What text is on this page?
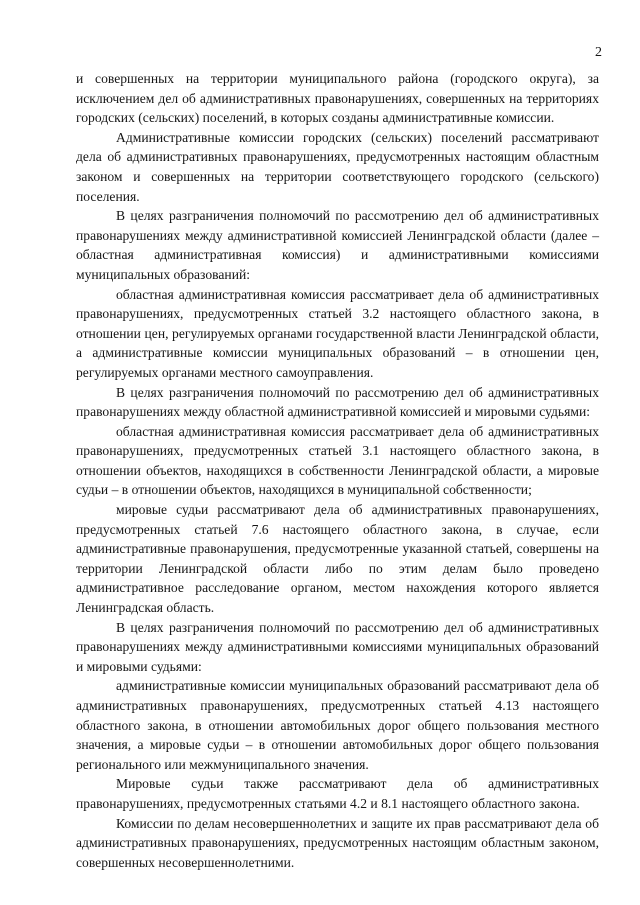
2

и совершенных на территории муниципального района (городского округа), за исключением дел об административных правонарушениях, совершенных на территориях городских (сельских) поселений, в которых созданы административные комиссии.

Административные комиссии городских (сельских) поселений рассматривают дела об административных правонарушениях, предусмотренных настоящим областным законом и совершенных на территории соответствующего городского (сельского) поселения.

В целях разграничения полномочий по рассмотрению дел об административных правонарушениях между административной комиссией Ленинградской области (далее – областная административная комиссия) и административными комиссиями муниципальных образований:

областная административная комиссия рассматривает дела об административных правонарушениях, предусмотренных статьей 3.2 настоящего областного закона, в отношении цен, регулируемых органами государственной власти Ленинградской области, а административные комиссии муниципальных образований – в отношении цен, регулируемых органами местного самоуправления.

В целях разграничения полномочий по рассмотрению дел об административных правонарушениях между областной административной комиссией и мировыми судьями:

областная административная комиссия рассматривает дела об административных правонарушениях, предусмотренных статьей 3.1 настоящего областного закона, в отношении объектов, находящихся в собственности Ленинградской области, а мировые судьи – в отношении объектов, находящихся в муниципальной собственности;

мировые судьи рассматривают дела об административных правонарушениях, предусмотренных статьей 7.6 настоящего областного закона, в случае, если административные правонарушения, предусмотренные указанной статьей, совершены на территории Ленинградской области либо по этим делам было проведено административное расследование органом, местом нахождения которого является Ленинградская область.

В целях разграничения полномочий по рассмотрению дел об административных правонарушениях между административными комиссиями муниципальных образований и мировыми судьями:

административные комиссии муниципальных образований рассматривают дела об административных правонарушениях, предусмотренных статьей 4.13 настоящего областного закона, в отношении автомобильных дорог общего пользования местного значения, а мировые судьи – в отношении автомобильных дорог общего пользования регионального или межмуниципального значения.

Мировые судьи также рассматривают дела об административных правонарушениях, предусмотренных статьями 4.2 и 8.1 настоящего областного закона.

Комиссии по делам несовершеннолетних и защите их прав рассматривают дела об административных правонарушениях, предусмотренных настоящим областным законом, совершенных несовершеннолетними.
